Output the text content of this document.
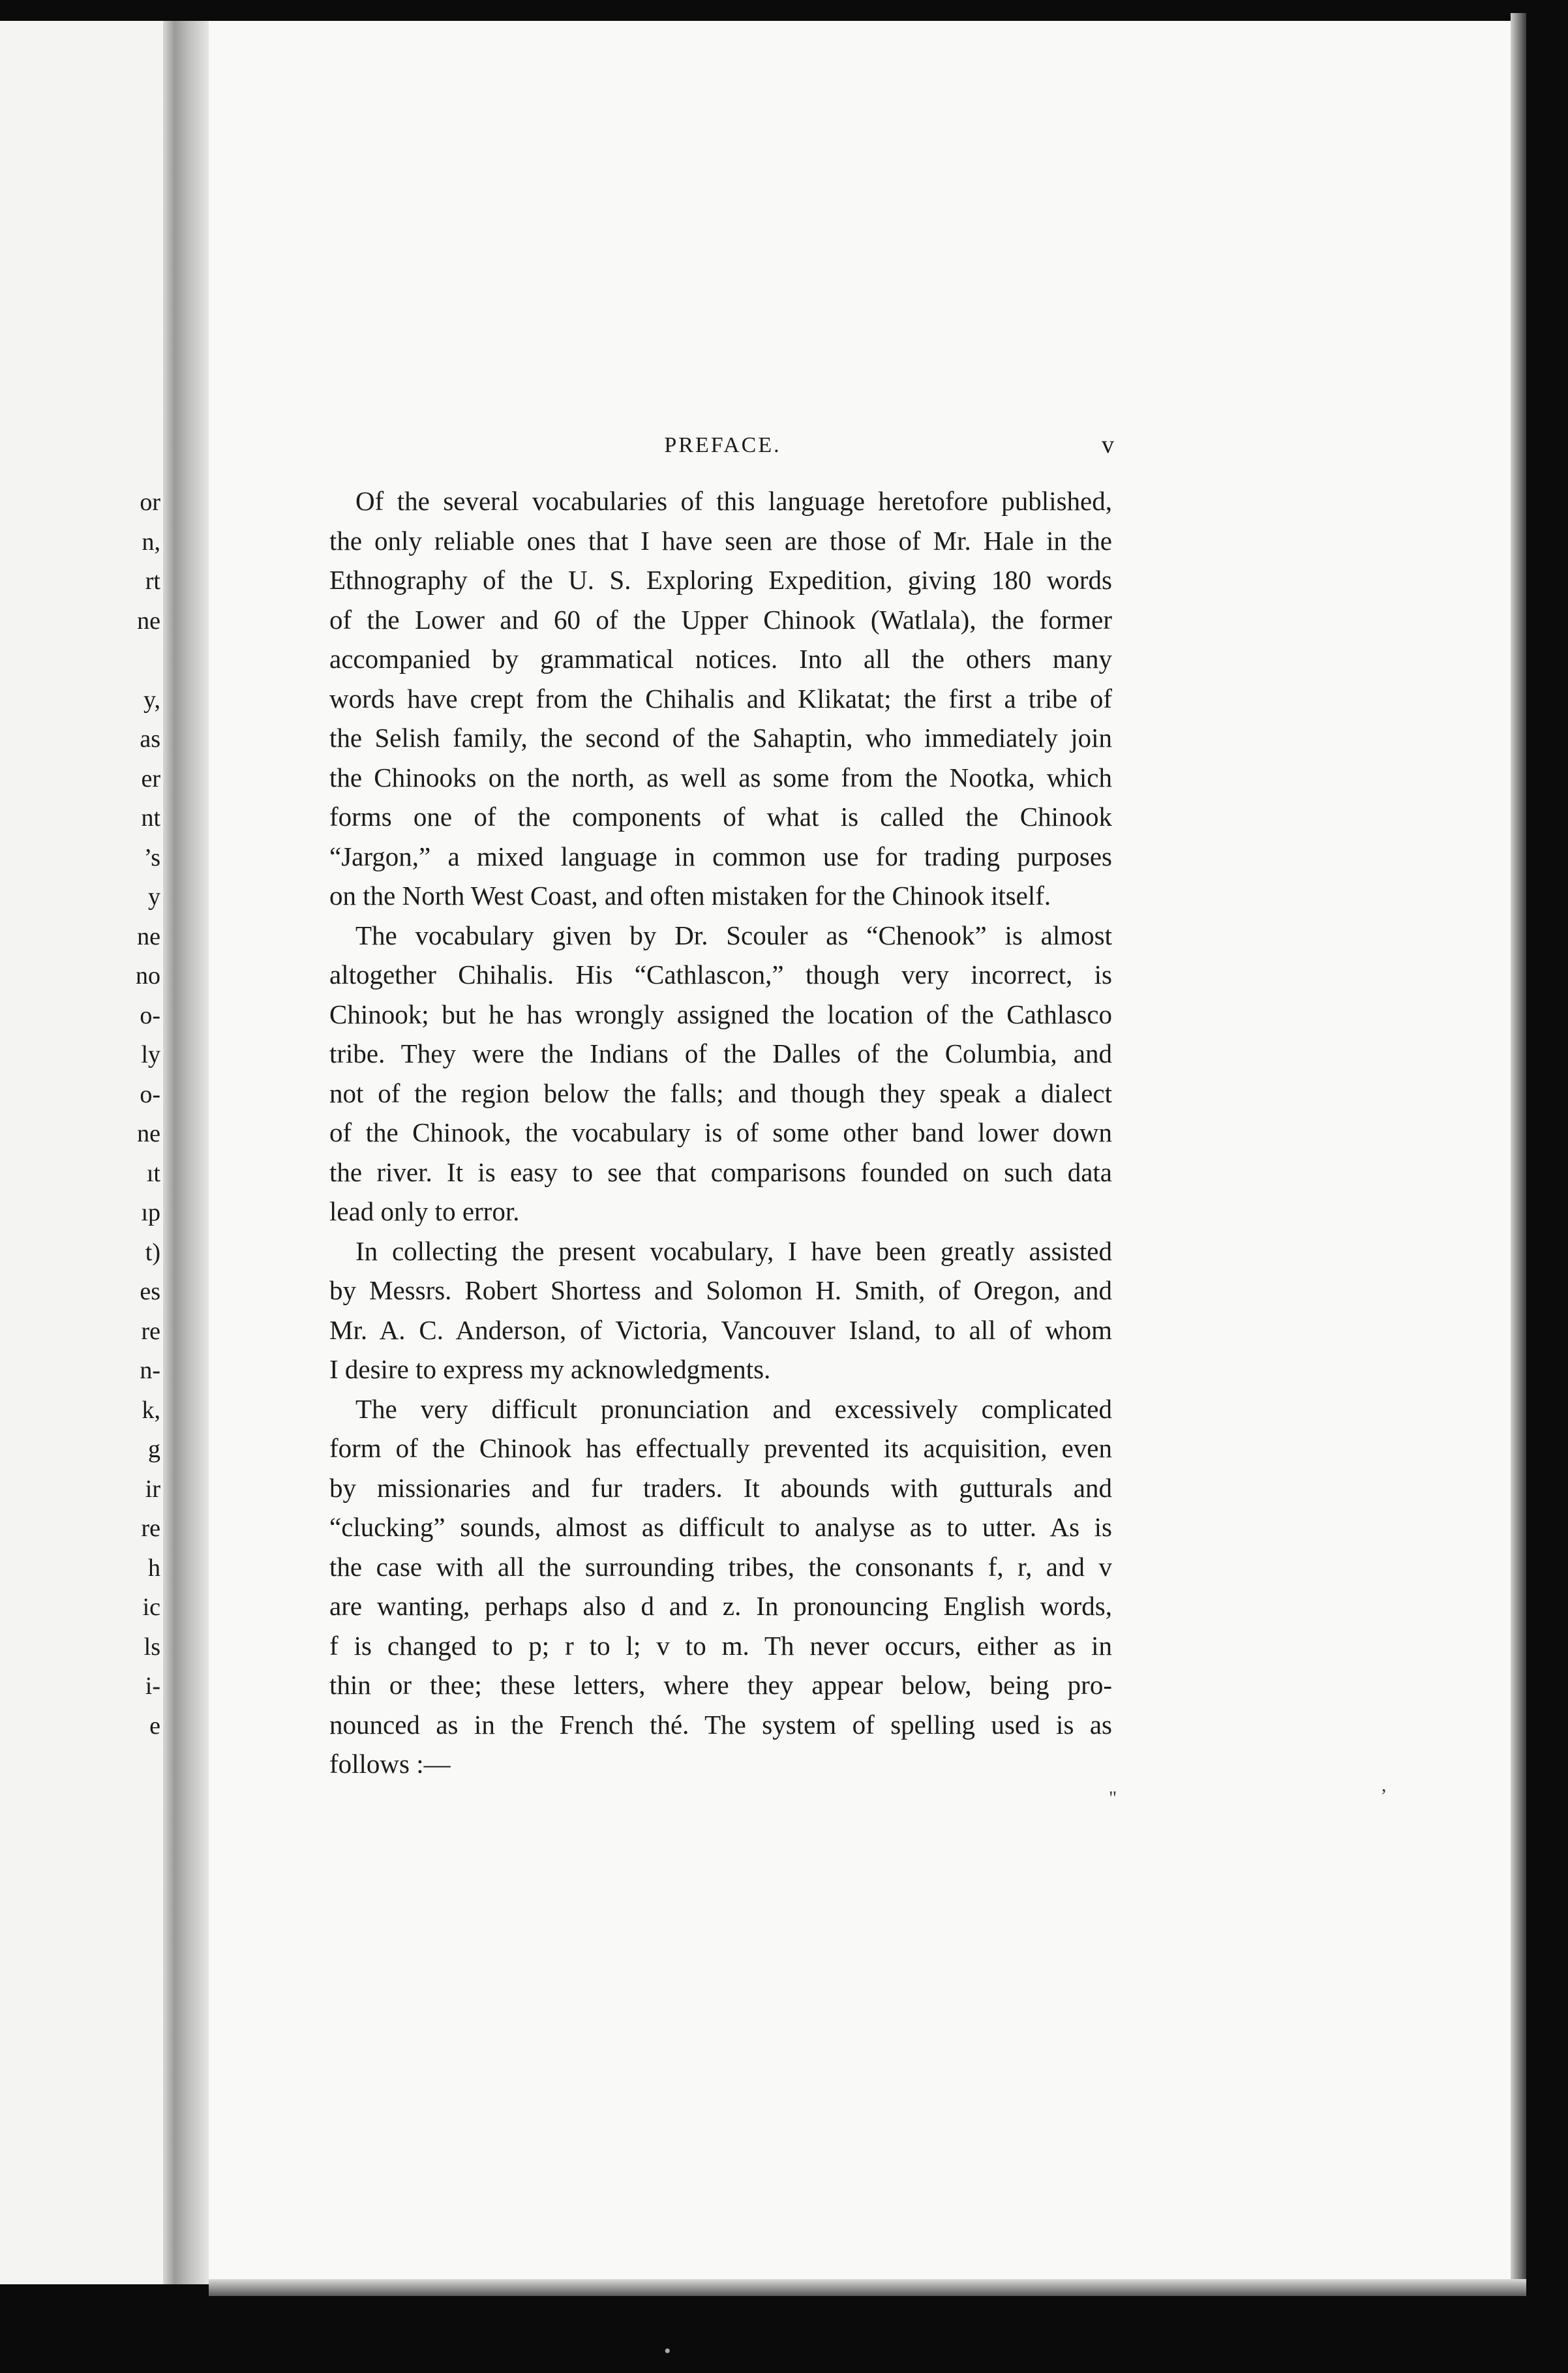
or
n,
rt
ne
y,
as
er
nt
’s
y
ne
no
o-
ly
o-
ne
ıt
ıp
t)
es
re
n-
k,
g
ir
re
h
ic
ls
i-
e
PREFACE.	v
Of the several vocabularies of this language heretofore published,
the only reliable ones that I have seen are those of Mr. Hale in the
Ethnography of the U. S. Exploring Expedition, giving 180 words
of the Lower and 60 of the Upper Chinook (Watlala), the former
accompanied by grammatical notices. Into all the others many
words have crept from the Chihalis and Klikatat; the first a tribe of
the Selish family, the second of the Sahaptin, who immediately join
the Chinooks on the north, as well as some from the Nootka, which
forms one of the components of what is called the Chinook
“Jargon,” a mixed language in common use for trading purposes
on the North West Coast, and often mistaken for the Chinook itself.
The vocabulary given by Dr. Scouler as “Chenook” is almost
altogether Chihalis. His “Cathlascon,” though very incorrect, is
Chinook; but he has wrongly assigned the location of the Cathlasco
tribe. They were the Indians of the Dalles of the Columbia, and
not of the region below the falls; and though they speak a dialect
of the Chinook, the vocabulary is of some other band lower down
the river. It is easy to see that comparisons founded on such data
lead only to error.
In collecting the present vocabulary, I have been greatly assisted
by Messrs. Robert Shortess and Solomon H. Smith, of Oregon, and
Mr. A. C. Anderson, of Victoria, Vancouver Island, to all of whom
I desire to express my acknowledgments.
The very difficult pronunciation and excessively complicated
form of the Chinook has effectually prevented its acquisition, even
by missionaries and fur traders. It abounds with gutturals and
“clucking” sounds, almost as difficult to analyse as to utter. As is
the case with all the surrounding tribes, the consonants f, r, and v
are wanting, perhaps also d and z. In pronouncing English words,
f is changed to p; r to l; v to m. Th never occurs, either as in
thin or thee; these letters, where they appear below, being pro-
nounced as in the French thé. The system of spelling used is as
follows :—
,
"
•
